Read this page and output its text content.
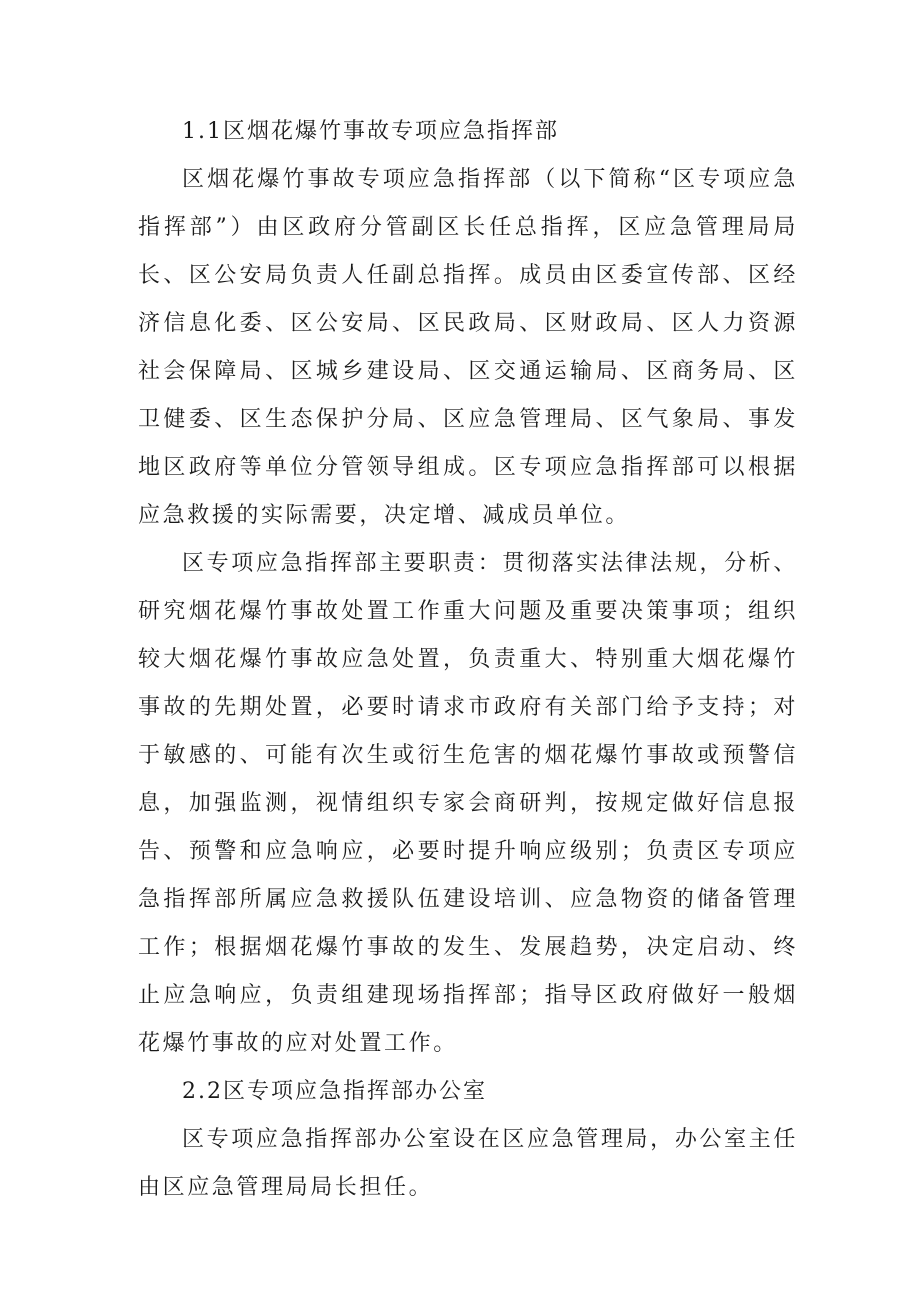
1.1区烟花爆竹事故专项应急指挥部

区烟花爆竹事故专项应急指挥部（以下简称“区专项应急指挥部”）由区政府分管副区长任总指挥，区应急管理局局长、区公安局负责人任副总指挥。成员由区委宣传部、区经济信息化委、区公安局、区民政局、区财政局、区人力资源社会保障局、区城乡建设局、区交通运输局、区商务局、区卫健委、区生态保护分局、区应急管理局、区气象局、事发地区政府等单位分管领导组成。区专项应急指挥部可以根据应急救援的实际需要，决定增、减成员单位。

区专项应急指挥部主要职责：贯彻落实法律法规，分析、研究烟花爆竹事故处置工作重大问题及重要决策事项；组织较大烟花爆竹事故应急处置，负责重大、特别重大烟花爆竹事故的先期处置，必要时请求市政府有关部门给予支持；对于敏感的、可能有次生或衍生危害的烟花爆竹事故或预警信息，加强监测，视情组织专家会商研判，按规定做好信息报告、预警和应急响应，必要时提升响应级别；负责区专项应急指挥部所属应急救援队伍建设培训、应急物资的储备管理工作；根据烟花爆竹事故的发生、发展趋势，决定启动、终止应急响应，负责组建现场指挥部；指导区政府做好一般烟花爆竹事故的应对处置工作。

2.2区专项应急指挥部办公室

区专项应急指挥部办公室设在区应急管理局，办公室主任由区应急管理局局长担任。
